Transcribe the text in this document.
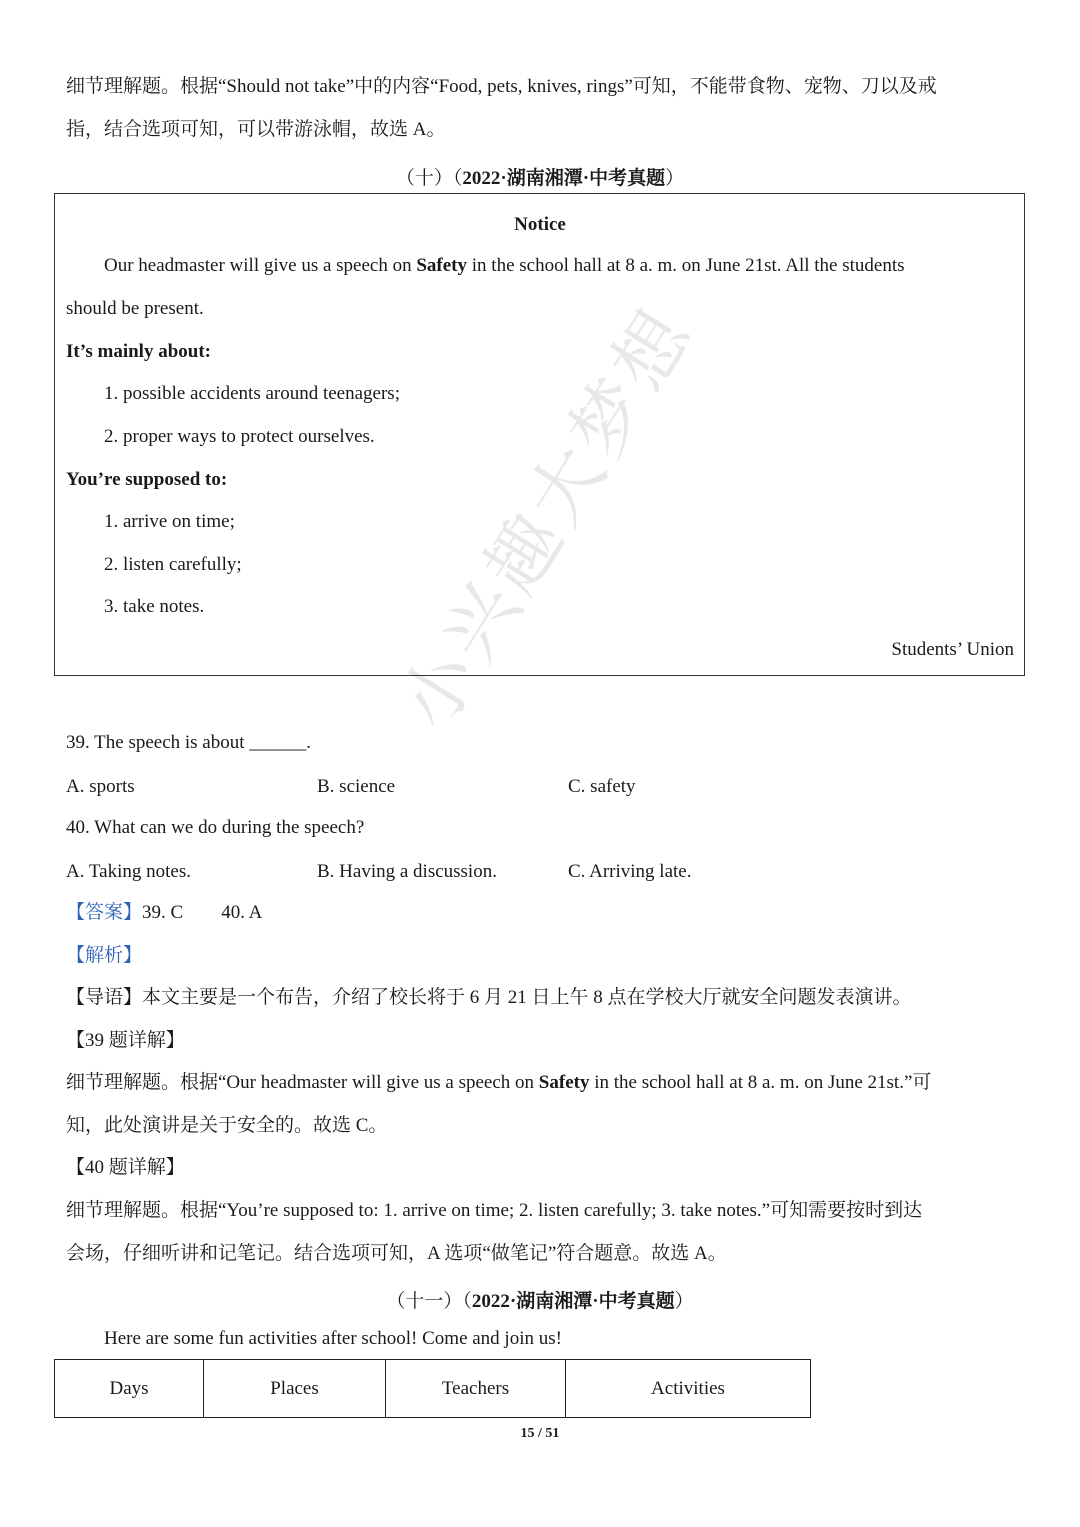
小兴趣大梦想
细节理解题。根据“Should not take”中的内容“Food, pets, knives, rings”可知，不能带食物、宠物、刀以及戒
指，结合选项可知，可以带游泳帽，故选 A。
（十）（2022·湖南湘潭·中考真题）
Notice
Our headmaster will give us a speech on Safety in the school hall at 8 a. m. on June 21st. All the students
should be present.
It’s mainly about:
1. possible accidents around teenagers;
2. proper ways to protect ourselves.
You’re supposed to:
1. arrive on time;
2. listen carefully;
3. take notes.
Students’ Union
39. The speech is about ______.
A. sports	B. science	C. safety
40. What can we do during the speech?
A. Taking notes.	B. Having a discussion.	C. Arriving late.
【答案】39. C        40. A
【解析】
【导语】本文主要是一个布告，介绍了校长将于 6 月 21 日上午 8 点在学校大厅就安全问题发表演讲。
【39 题详解】
细节理解题。根据“Our headmaster will give us a speech on Safety in the school hall at 8 a. m. on June 21st.”可
知，此处演讲是关于安全的。故选 C。
【40 题详解】
细节理解题。根据“You’re supposed to: 1. arrive on time; 2. listen carefully; 3. take notes.”可知需要按时到达
会场，仔细听讲和记笔记。结合选项可知，A 选项“做笔记”符合题意。故选 A。
（十一）（2022·湖南湘潭·中考真题）
Here are some fun activities after school! Come and join us!
Days	Places	Teachers	Activities
15 / 51
